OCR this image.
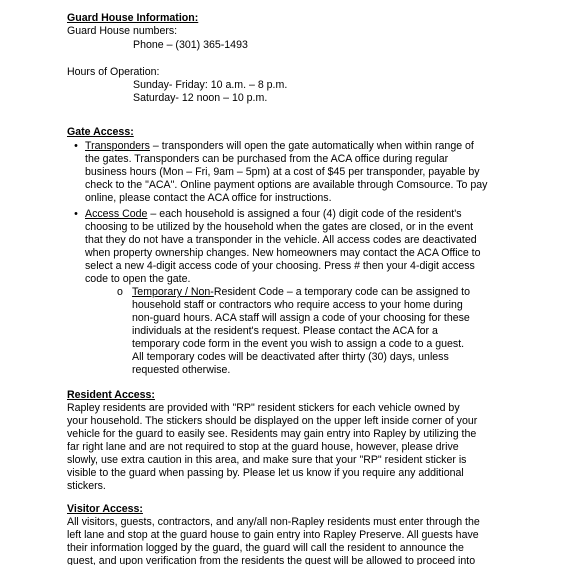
Guard House Information:
Guard House numbers:
Phone – (301) 365-1493
Hours of Operation:
Sunday- Friday: 10 a.m. – 8 p.m.
Saturday- 12 noon – 10 p.m.
Gate Access:
• Transponders – transponders will open the gate automatically when within range of
the gates. Transponders can be purchased from the ACA office during regular
business hours (Mon – Fri, 9am – 5pm) at a cost of $45 per transponder, payable by
check to the "ACA". Online payment options are available through Comsource. To pay
online, please contact the ACA office for instructions.
• Access Code – each household is assigned a four (4) digit code of the resident's
choosing to be utilized by the household when the gates are closed, or in the event
that they do not have a transponder in the vehicle. All access codes are deactivated
when property ownership changes. New homeowners may contact the ACA Office to
select a new 4-digit access code of your choosing. Press # then your 4-digit access
code to open the gate.
o Temporary / Non-Resident Code – a temporary code can be assigned to
household staff or contractors who require access to your home during
non-guard hours. ACA staff will assign a code of your choosing for these
individuals at the resident's request. Please contact the ACA for a
temporary code form in the event you wish to assign a code to a guest.
All temporary codes will be deactivated after thirty (30) days, unless
requested otherwise.
Resident Access:
Rapley residents are provided with "RP" resident stickers for each vehicle owned by
your household. The stickers should be displayed on the upper left inside corner of your
vehicle for the guard to easily see. Residents may gain entry into Rapley by utilizing the
far right lane and are not required to stop at the guard house, however, please drive
slowly, use extra caution in this area, and make sure that your "RP" resident sticker is
visible to the guard when passing by. Please let us know if you require any additional
stickers.
Visitor Access:
All visitors, guests, contractors, and any/all non-Rapley residents must enter through the
left lane and stop at the guard house to gain entry into Rapley Preserve. All guests have
their information logged by the guard, the guard will call the resident to announce the
guest, and upon verification from the residents the guest will be allowed to proceed into
